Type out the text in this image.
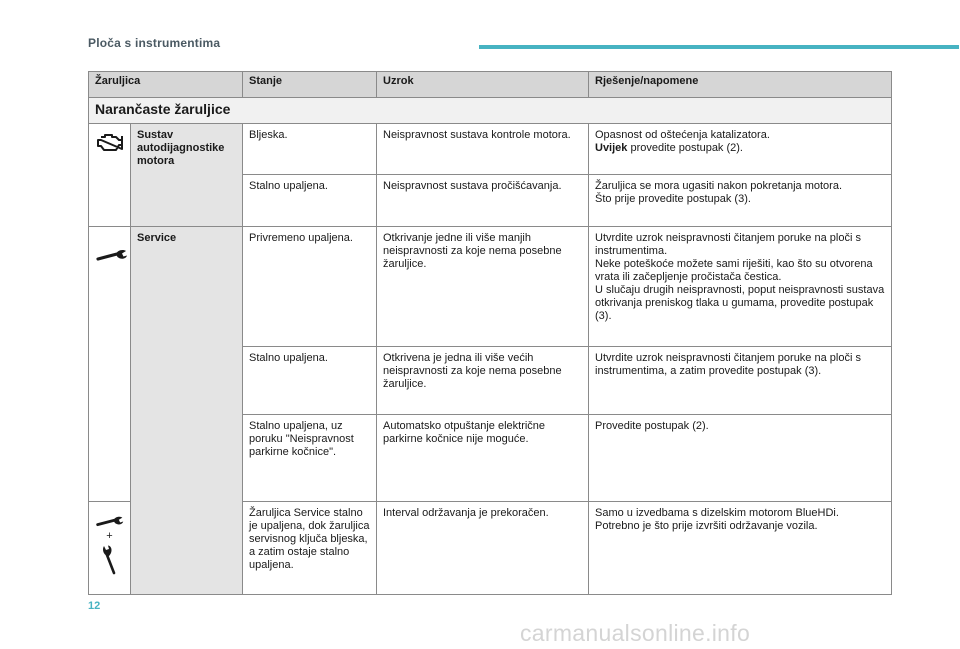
Ploča s instrumentima
Žaruljica		Stanje	Uzrok	Rješenje/napomene
Narančaste žaruljice				

	Sustav autodijagnostike motora	Bljeska.	Neispravnost sustava kontrole motora.	Opasnost od oštećenja katalizatora.
Uvijek provedite postupak (2).

		Stalno upaljena.	Neispravnost sustava pročišćavanja.	Žaruljica se mora ugasiti nakon pokretanja motora.
Što prije provedite postupak (3).

	Service	Privremeno upaljena.	Otkrivanje jedne ili više manjih neispravnosti za koje nema posebne žaruljice.	Utvrdite uzrok neispravnosti čitanjem poruke na ploči s instrumentima.
Neke poteškoće možete sami riješiti, kao što su otvorena vrata ili začepljenje pročistača čestica.
U slučaju drugih neispravnosti, poput neispravnosti sustava otkrivanja preniskog tlaka u gumama, provedite postupak (3).

		Stalno upaljena.	Otkrivena je jedna ili više većih neispravnosti za koje nema posebne žaruljice.	Utvrdite uzrok neispravnosti čitanjem poruke na ploči s instrumentima, a zatim provedite postupak (3).
		Stalno upaljena, uz poruku "Neispravnost parkirne kočnice".	Automatsko otpuštanje električne parkirne kočnice nije moguće.	Provedite postupak (2).

+		Žaruljica Service stalno je upaljena, dok žaruljica servisnog ključa bljeska, a zatim ostaje stalno upaljena.	Interval održavanja je prekoračen.	Samo u izvedbama s dizelskim motorom BlueHDi.
Potrebno je što prije izvršiti održavanje vozila.
12
carmanualsonline.info
